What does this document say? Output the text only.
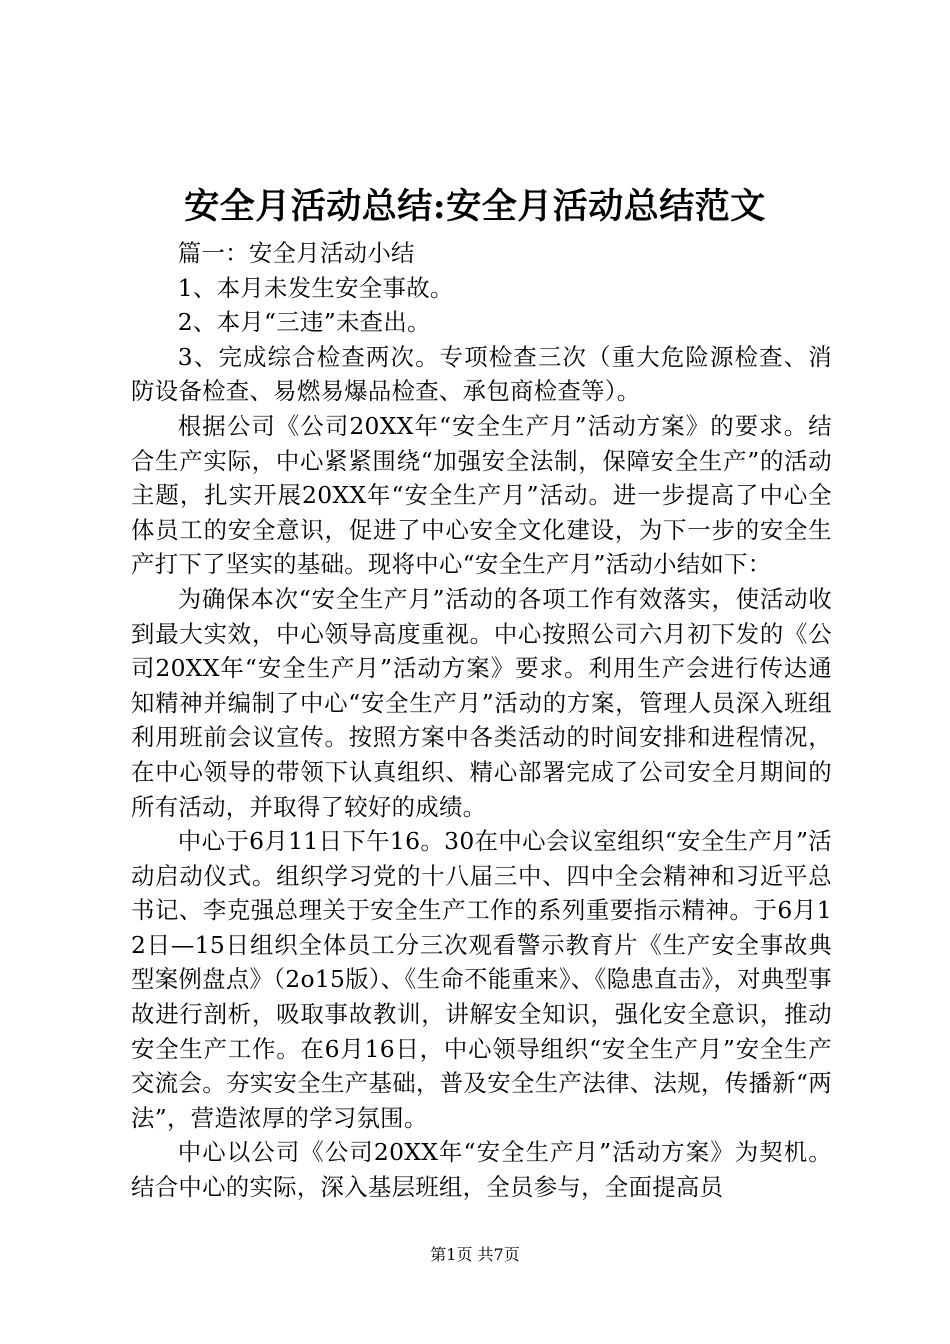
安全月活动总结:安全月活动总结范文

篇一：安全月活动小结

1、本月未发生安全事故。

2、本月“三违”未查出。

3、完成综合检查两次。专项检查三次（重大危险源检查、消防设备检查、易燃易爆品检查、承包商检查等）。

根据公司《公司20XX年“安全生产月”活动方案》的要求。结合生产实际，中心紧紧围绕“加强安全法制，保障安全生产”的活动主题，扎实开展20XX年“安全生产月”活动。进一步提高了中心全体员工的安全意识，促进了中心安全文化建设，为下一步的安全生产打下了坚实的基础。现将中心“安全生产月”活动小结如下：

为确保本次“安全生产月”活动的各项工作有效落实，使活动收到最大实效，中心领导高度重视。中心按照公司六月初下发的《公司20XX年“安全生产月”活动方案》要求。利用生产会进行传达通知精神并编制了中心“安全生产月”活动的方案，管理人员深入班组利用班前会议宣传。按照方案中各类活动的时间安排和进程情况，在中心领导的带领下认真组织、精心部署完成了公司安全月期间的所有活动，并取得了较好的成绩。

中心于6月11日下午16。30在中心会议室组织“安全生产月”活动启动仪式。组织学习党的十八届三中、四中全会精神和习近平总书记、李克强总理关于安全生产工作的系列重要指示精神。于6月12日—15日组织全体员工分三次观看警示教育片《生产安全事故典型案例盘点》（2o15版）、《生命不能重来》、《隐患直击》，对典型事故进行剖析，吸取事故教训，讲解安全知识，强化安全意识，推动安全生产工作。在6月16日，中心领导组织“安全生产月”安全生产交流会。夯实安全生产基础，普及安全生产法律、法规，传播新“两法”，营造浓厚的学习氛围。

中心以公司《公司20XX年“安全生产月”活动方案》为契机。结合中心的实际，深入基层班组，全员参与，全面提高员

第1页 共7页
